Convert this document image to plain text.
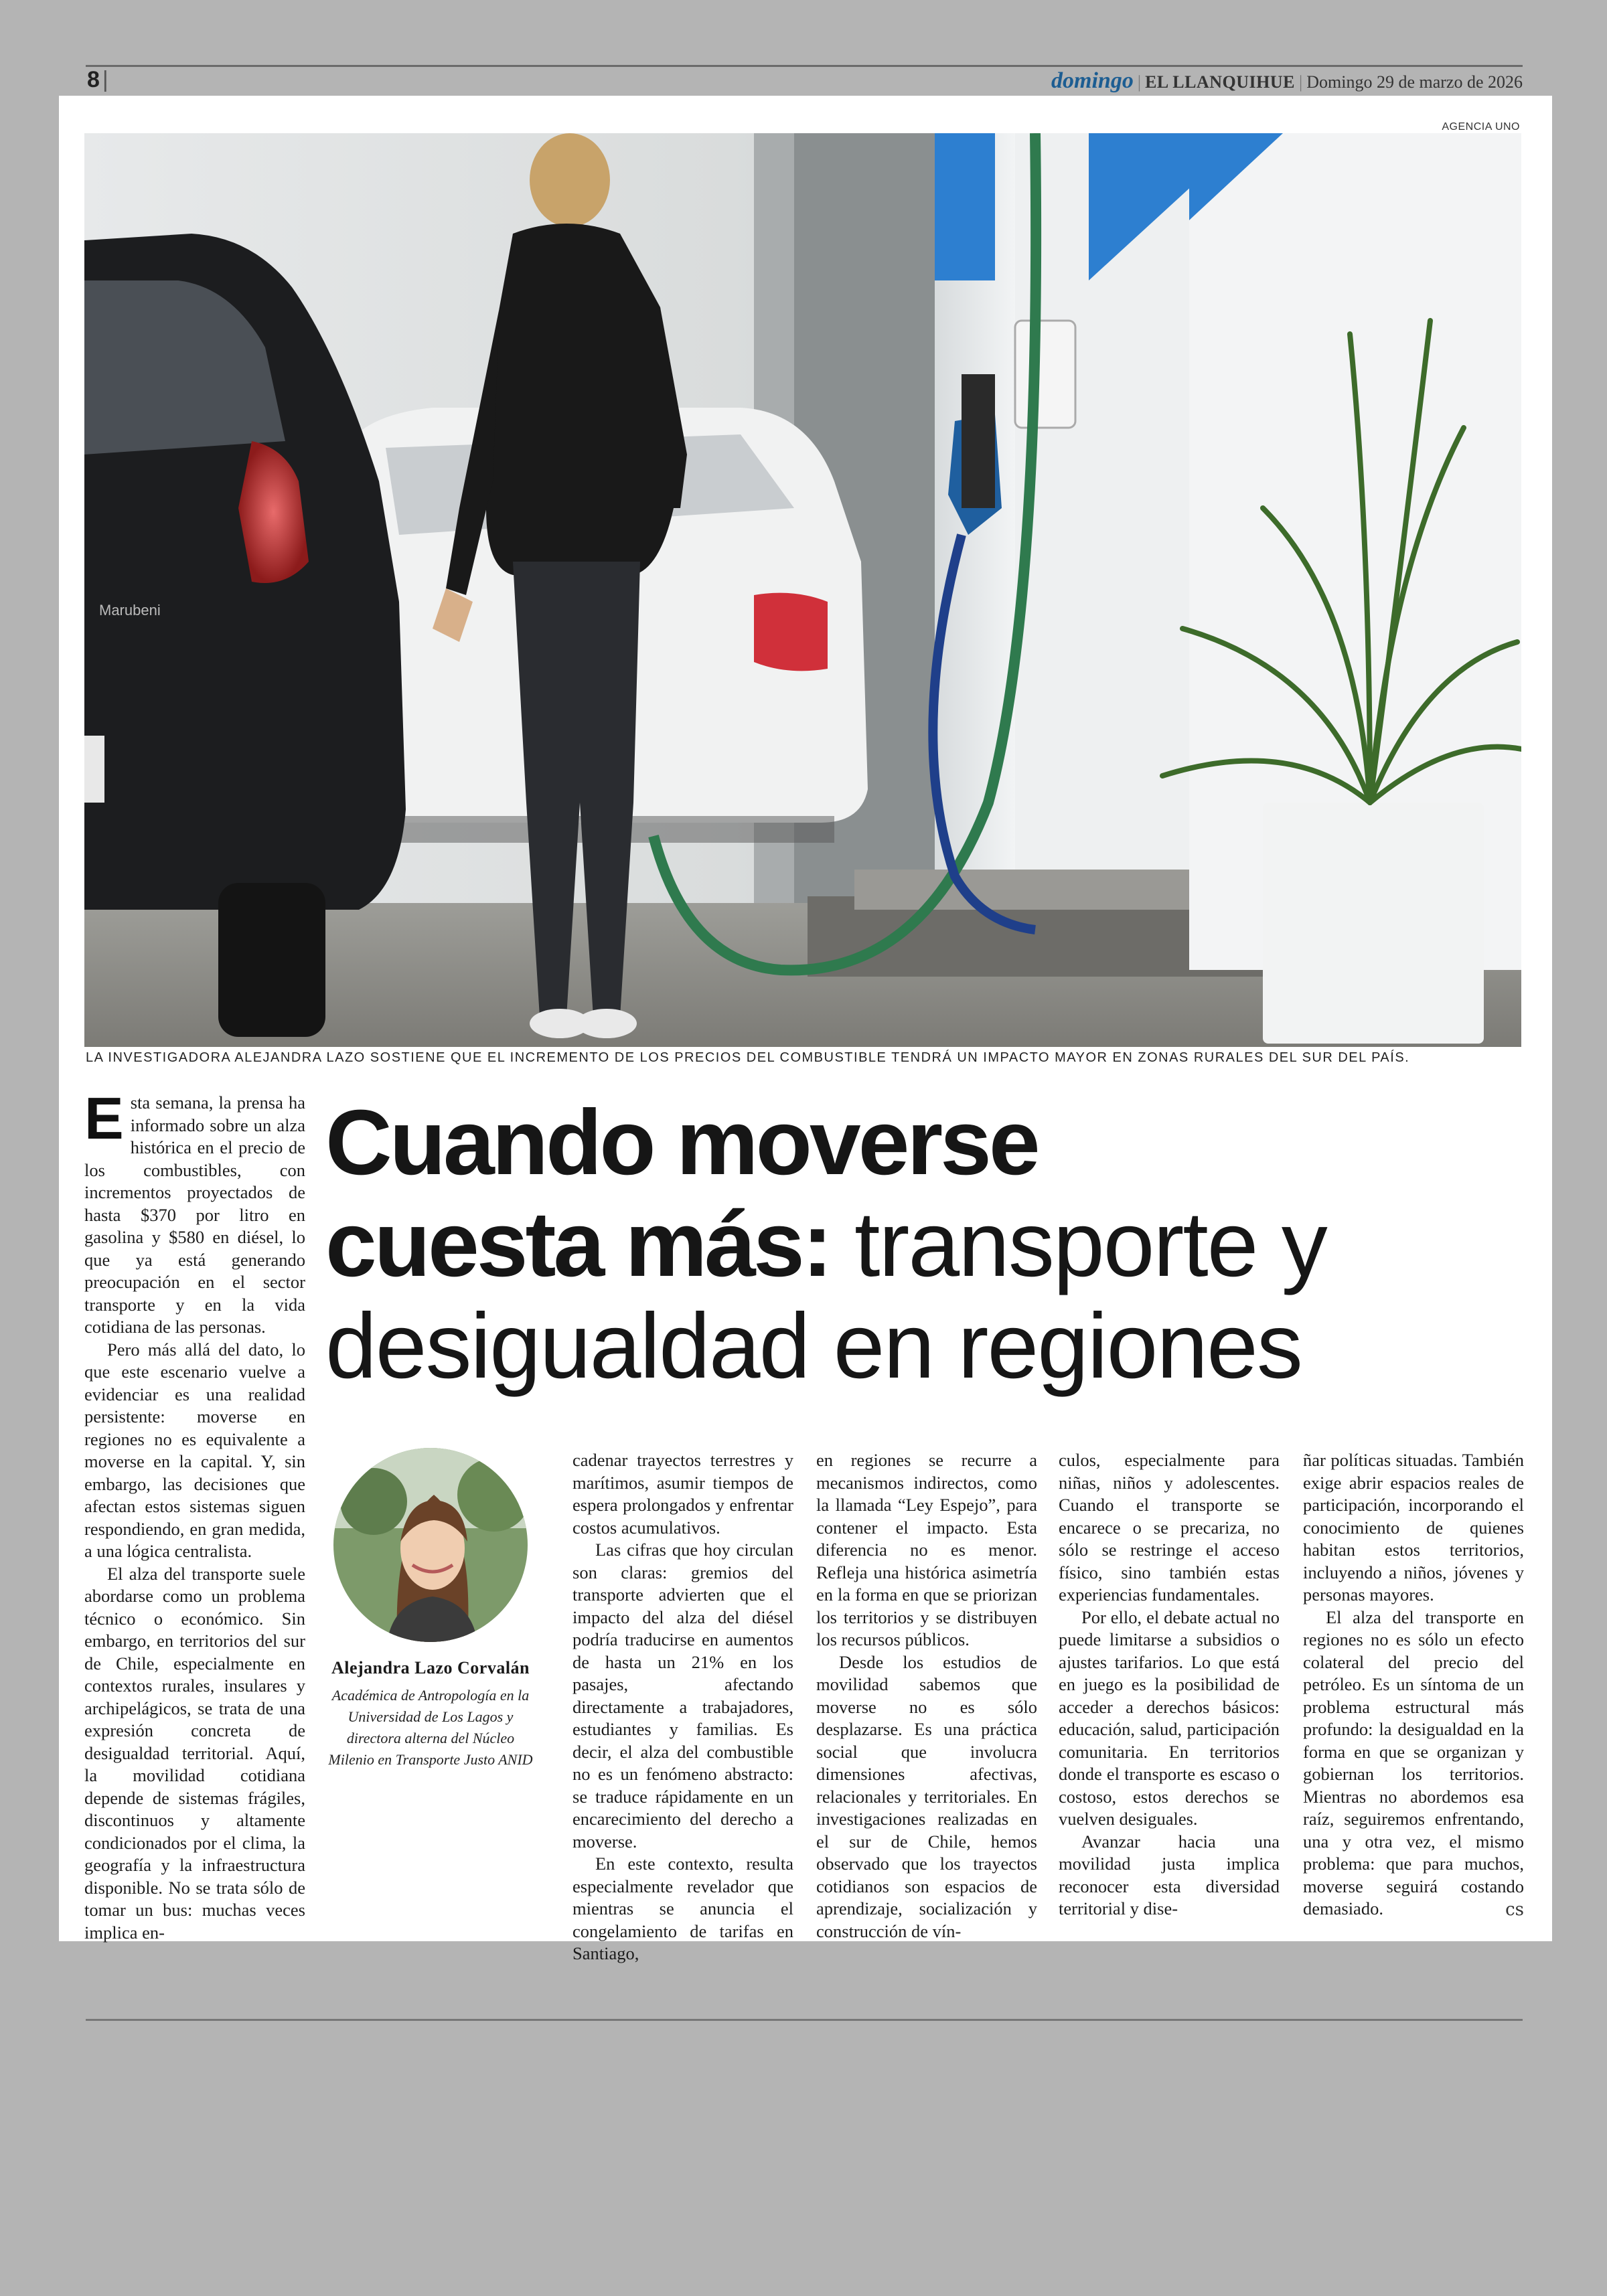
8 |	domingo | EL LLANQUIHUE | Domingo 29 de marzo de 2026
AGENCIA UNO
Marubeni
LA INVESTIGADORA ALEJANDRA LAZO SOSTIENE QUE EL INCREMENTO DE LOS PRECIOS DEL COMBUSTIBLE TENDRÁ UN IMPACTO MAYOR EN ZONAS RURALES DEL SUR DEL PAÍS.

Esta semana, la prensa ha informado sobre un alza histórica en el precio de los combustibles, con incrementos proyectados de hasta $370 por litro en gasolina y $580 en diésel, lo que ya está generando preocupación en el sector transporte y en la vida cotidiana de las personas.

Pero más allá del dato, lo que este escenario vuelve a evidenciar es una realidad persistente: moverse en regiones no es equivalente a moverse en la capital. Y, sin embargo, las decisiones que afectan estos sistemas siguen respondiendo, en gran medida, a una lógica centralista.

El alza del transporte suele abordarse como un problema técnico o económico. Sin embargo, en territorios del sur de Chile, especialmente en contextos rurales, insulares y archipelágicos, se trata de una expresión concreta de desigualdad territorial. Aquí, la movilidad cotidiana depende de sistemas frágiles, discontinuos y altamente condicionados por el clima, la geografía y la infraestructura disponible. No se trata sólo de tomar un bus: muchas veces implica en-

Cuando moverse
cuesta más: transporte y
desigualdad en regiones
Alejandra Lazo Corvalán
Académica de Antropología en la Universidad de Los Lagos y directora alterna del Núcleo Milenio en Transporte Justo ANID

cadenar trayectos terrestres y marítimos, asumir tiempos de espera prolongados y enfrentar costos acumulativos.

Las cifras que hoy circulan son claras: gremios del transporte advierten que el impacto del alza del diésel podría traducirse en aumentos de hasta un 21% en los pasajes, afectando directamente a trabajadores, estudiantes y familias. Es decir, el alza del combustible no es un fenómeno abstracto: se traduce rápidamente en un encarecimiento del derecho a moverse.

En este contexto, resulta especialmente revelador que mientras se anuncia el congelamiento de tarifas en Santiago,

en regiones se recurre a mecanismos indirectos, como la llamada “Ley Espejo”, para contener el impacto. Esta diferencia no es menor. Refleja una histórica asimetría en la forma en que se priorizan los territorios y se distribuyen los recursos públicos.

Desde los estudios de movilidad sabemos que moverse no es sólo desplazarse. Es una práctica social que involucra dimensiones afectivas, relacionales y territoriales. En investigaciones realizadas en el sur de Chile, hemos observado que los trayectos cotidianos son espacios de aprendizaje, socialización y construcción de vín-

culos, especialmente para niñas, niños y adolescentes. Cuando el transporte se encarece o se precariza, no sólo se restringe el acceso físico, sino también estas experiencias fundamentales.

Por ello, el debate actual no puede limitarse a subsidios o ajustes tarifarios. Lo que está en juego es la posibilidad de acceder a derechos básicos: educación, salud, participación comunitaria. En territorios donde el transporte es escaso o costoso, estos derechos se vuelven desiguales.

Avanzar hacia una movilidad justa implica reconocer esta diversidad territorial y dise-

ñar políticas situadas. También exige abrir espacios reales de participación, incorporando el conocimiento de quienes habitan estos territorios, incluyendo a niños, jóvenes y personas mayores.

El alza del transporte en regiones no es sólo un efecto colateral del precio del petróleo. Es un síntoma de un problema estructural más profundo: la desigualdad en la forma en que se organizan y gobiernan los territorios. Mientras no abordemos esa raíz, seguiremos enfrentando, una y otra vez, el mismo problema: que para muchos, moverse seguirá costando demasiado.	cs
